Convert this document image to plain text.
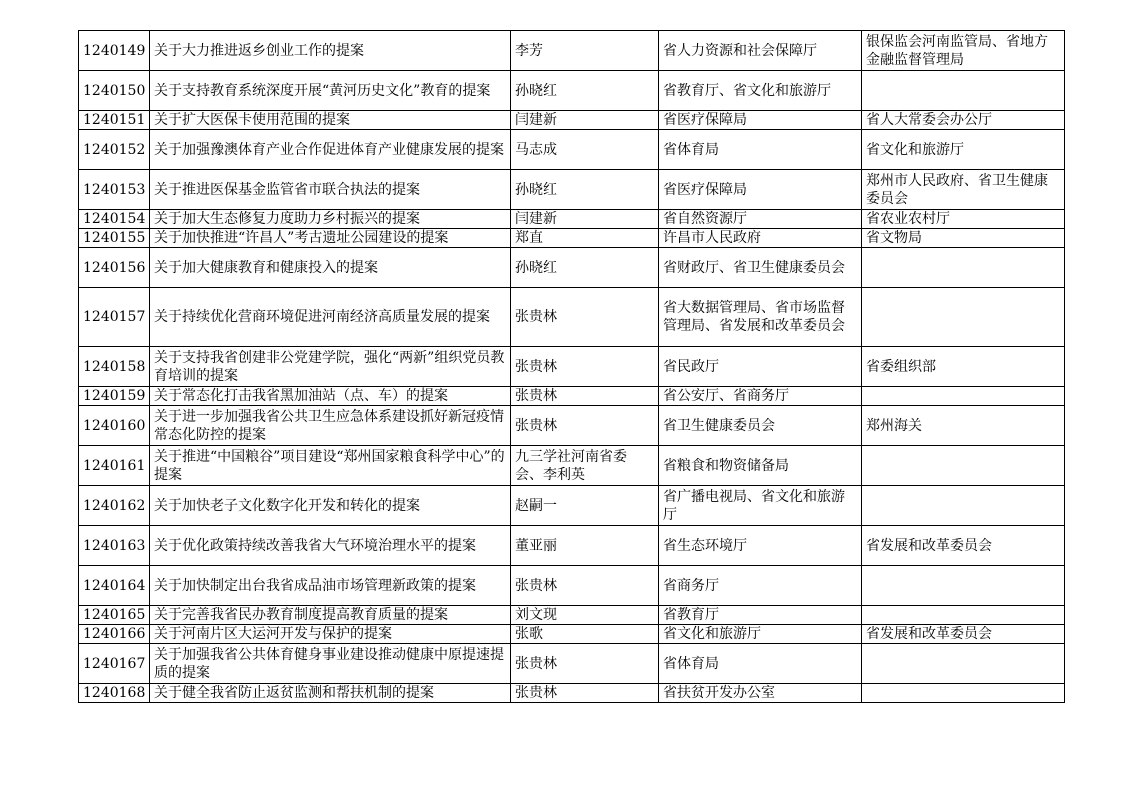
1240149	关于大力推进返乡创业工作的提案	李芳	省人力资源和社会保障厅	银保监会河南监管局、省地方金融监督管理局
1240150	关于支持教育系统深度开展“黄河历史文化”教育的提案	孙晓红	省教育厅、省文化和旅游厅	
1240151	关于扩大医保卡使用范围的提案	闫建新	省医疗保障局	省人大常委会办公厅
1240152	关于加强豫澳体育产业合作促进体育产业健康发展的提案	马志成	省体育局	省文化和旅游厅
1240153	关于推进医保基金监管省市联合执法的提案	孙晓红	省医疗保障局	郑州市人民政府、省卫生健康委员会
1240154	关于加大生态修复力度助力乡村振兴的提案	闫建新	省自然资源厅	省农业农村厅
1240155	关于加快推进“许昌人”考古遗址公园建设的提案	郑直	许昌市人民政府	省文物局
1240156	关于加大健康教育和健康投入的提案	孙晓红	省财政厅、省卫生健康委员会	
1240157	关于持续优化营商环境促进河南经济高质量发展的提案	张贵林	省大数据管理局、省市场监督管理局、省发展和改革委员会	
1240158	关于支持我省创建非公党建学院，强化“两新”组织党员教育培训的提案	张贵林	省民政厅	省委组织部
1240159	关于常态化打击我省黑加油站（点、车）的提案	张贵林	省公安厅、省商务厅	
1240160	关于进一步加强我省公共卫生应急体系建设抓好新冠疫情常态化防控的提案	张贵林	省卫生健康委员会	郑州海关
1240161	关于推进“中国粮谷”项目建设“郑州国家粮食科学中心”的提案	九三学社河南省委会、李利英	省粮食和物资储备局	
1240162	关于加快老子文化数字化开发和转化的提案	赵嗣一	省广播电视局、省文化和旅游厅	
1240163	关于优化政策持续改善我省大气环境治理水平的提案	董亚丽	省生态环境厅	省发展和改革委员会
1240164	关于加快制定出台我省成品油市场管理新政策的提案	张贵林	省商务厅	
1240165	关于完善我省民办教育制度提高教育质量的提案	刘文现	省教育厅	
1240166	关于河南片区大运河开发与保护的提案	张歌	省文化和旅游厅	省发展和改革委员会
1240167	关于加强我省公共体育健身事业建设推动健康中原提速提质的提案	张贵林	省体育局	
1240168	关于健全我省防止返贫监测和帮扶机制的提案	张贵林	省扶贫开发办公室	
